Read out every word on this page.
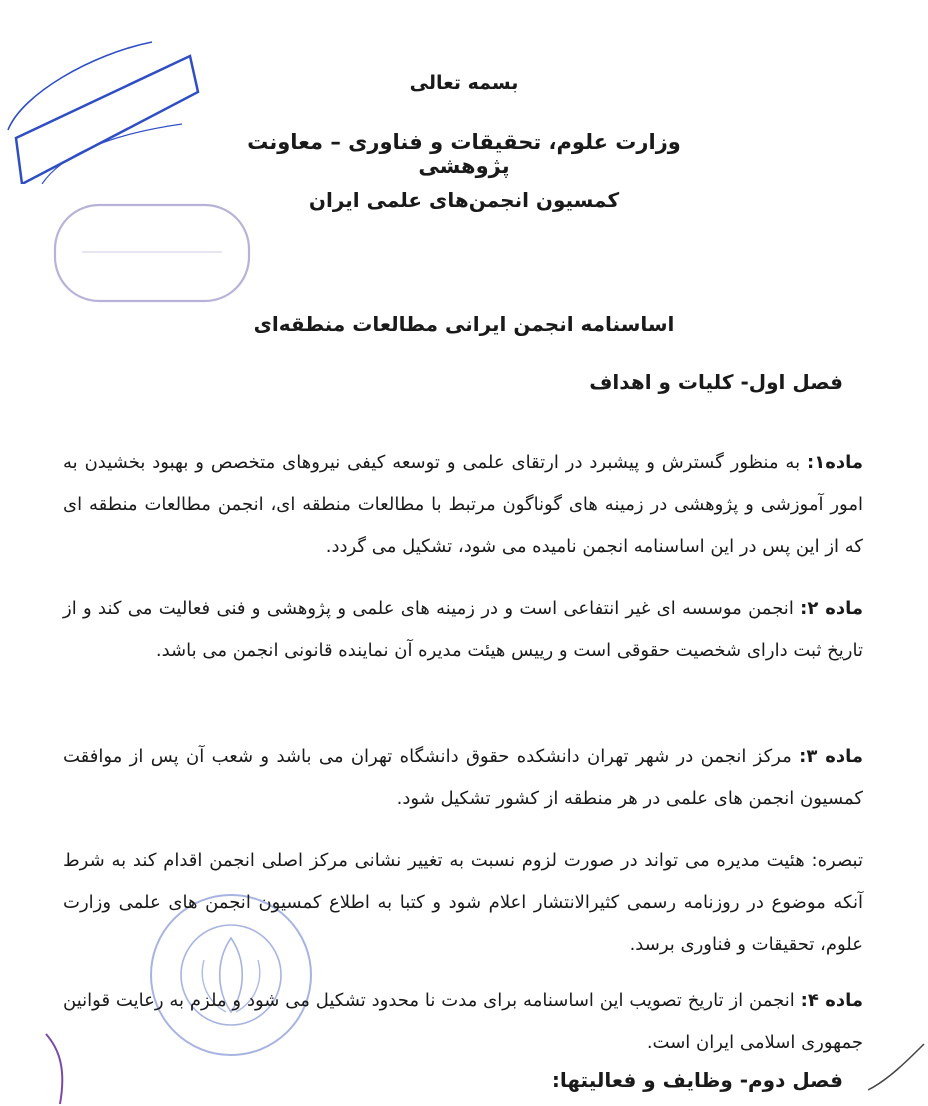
بسمه تعالی
وزارت علوم، تحقیقات و فناوری – معاونت پژوهشی
کمسیون انجمن‌های علمی ایران
اساسنامه انجمن ایرانی مطالعات منطقه‌ای
فصل اول- کلیات و اهداف

ماده۱: به منظور گسترش و پیشبرد در ارتقای علمی و توسعه کیفی نیروهای متخصص و بهبود بخشیدن به امور آموزشی و پژوهشی در زمینه های گوناگون مرتبط با مطالعات منطقه ای، انجمن مطالعات منطقه ای که از این پس در این اساسنامه انجمن نامیده می شود، تشکیل می گردد.

ماده ۲: انجمن موسسه ای غیر انتفاعی است و در زمینه های علمی و پژوهشی و فنی فعالیت می کند و از تاریخ ثبت دارای شخصیت حقوقی است و رییس هیئت مدیره آن نماینده قانونی انجمن می باشد.

ماده ۳: مرکز انجمن در شهر تهران دانشکده حقوق دانشگاه تهران می باشد و شعب آن پس از موافقت کمسیون انجمن های علمی در هر منطقه از کشور تشکیل شود.

تبصره: هئیت مدیره می تواند در صورت لزوم نسبت به تغییر نشانی مرکز اصلی انجمن اقدام کند به شرط آنکه موضوع در روزنامه رسمی کثیرالانتشار اعلام شود و کتبا به اطلاع کمسیون انجمن های علمی وزارت علوم، تحقیقات و فناوری برسد.

ماده ۴: انجمن از تاریخ تصویب این اساسنامه برای مدت نا محدود تشکیل می شود و ملزم به رعایت قوانین جمهوری اسلامی ایران است.

فصل دوم- وظایف و فعالیتها:
